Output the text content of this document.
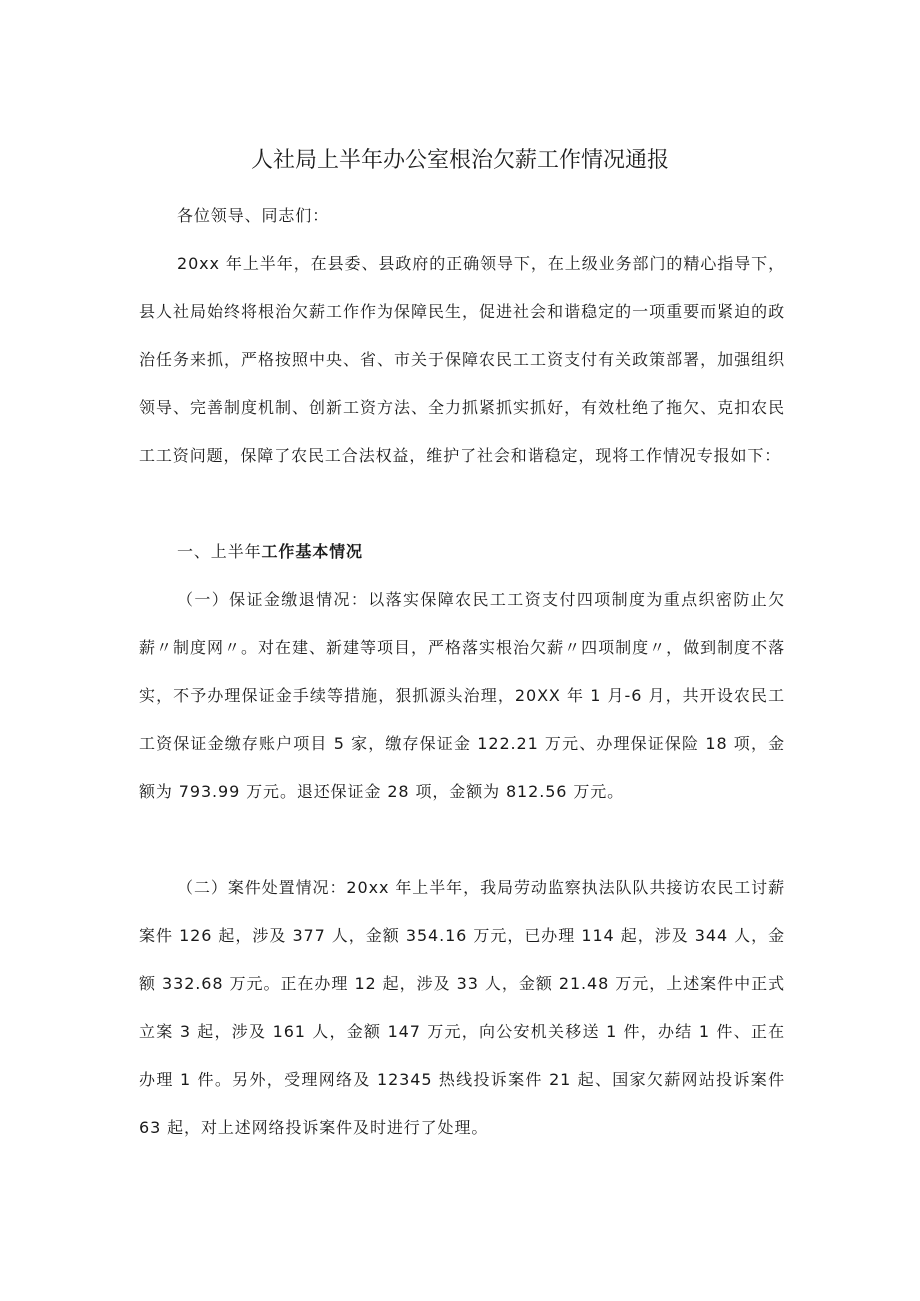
人社局上半年办公室根治欠薪工作情况通报

各位领导、同志们：

20xx 年上半年，在县委、县政府的正确领导下，在上级业务部门的精心指导下，县人社局始终将根治欠薪工作作为保障民生，促进社会和谐稳定的一项重要而紧迫的政治任务来抓，严格按照中央、省、市关于保障农民工工资支付有关政策部署，加强组织领导、完善制度机制、创新工资方法、全力抓紧抓实抓好，有效杜绝了拖欠、克扣农民工工资问题，保障了农民工合法权益，维护了社会和谐稳定，现将工作情况专报如下：

一、上半年工作基本情况

（一）保证金缴退情况：以落实保障农民工工资支付四项制度为重点织密防止欠薪〃制度网〃。对在建、新建等项目，严格落实根治欠薪〃四项制度〃，做到制度不落实，不予办理保证金手续等措施，狠抓源头治理，20XX 年 1 月-6 月，共开设农民工工资保证金缴存账户项目 5 家，缴存保证金 122.21 万元、办理保证保险 18 项，金额为 793.99 万元。退还保证金 28 项，金额为 812.56 万元。

（二）案件处置情况：20xx 年上半年，我局劳动监察执法队队共接访农民工讨薪案件 126 起，涉及 377 人，金额 354.16 万元，已办理 114 起，涉及 344 人，金额 332.68 万元。正在办理 12 起，涉及 33 人，金额 21.48 万元，上述案件中正式立案 3 起，涉及 161 人，金额 147 万元，向公安机关移送 1 件，办结 1 件、正在办理 1 件。另外，受理网络及 12345 热线投诉案件 21 起、国家欠薪网站投诉案件 63 起，对上述网络投诉案件及时进行了处理。
